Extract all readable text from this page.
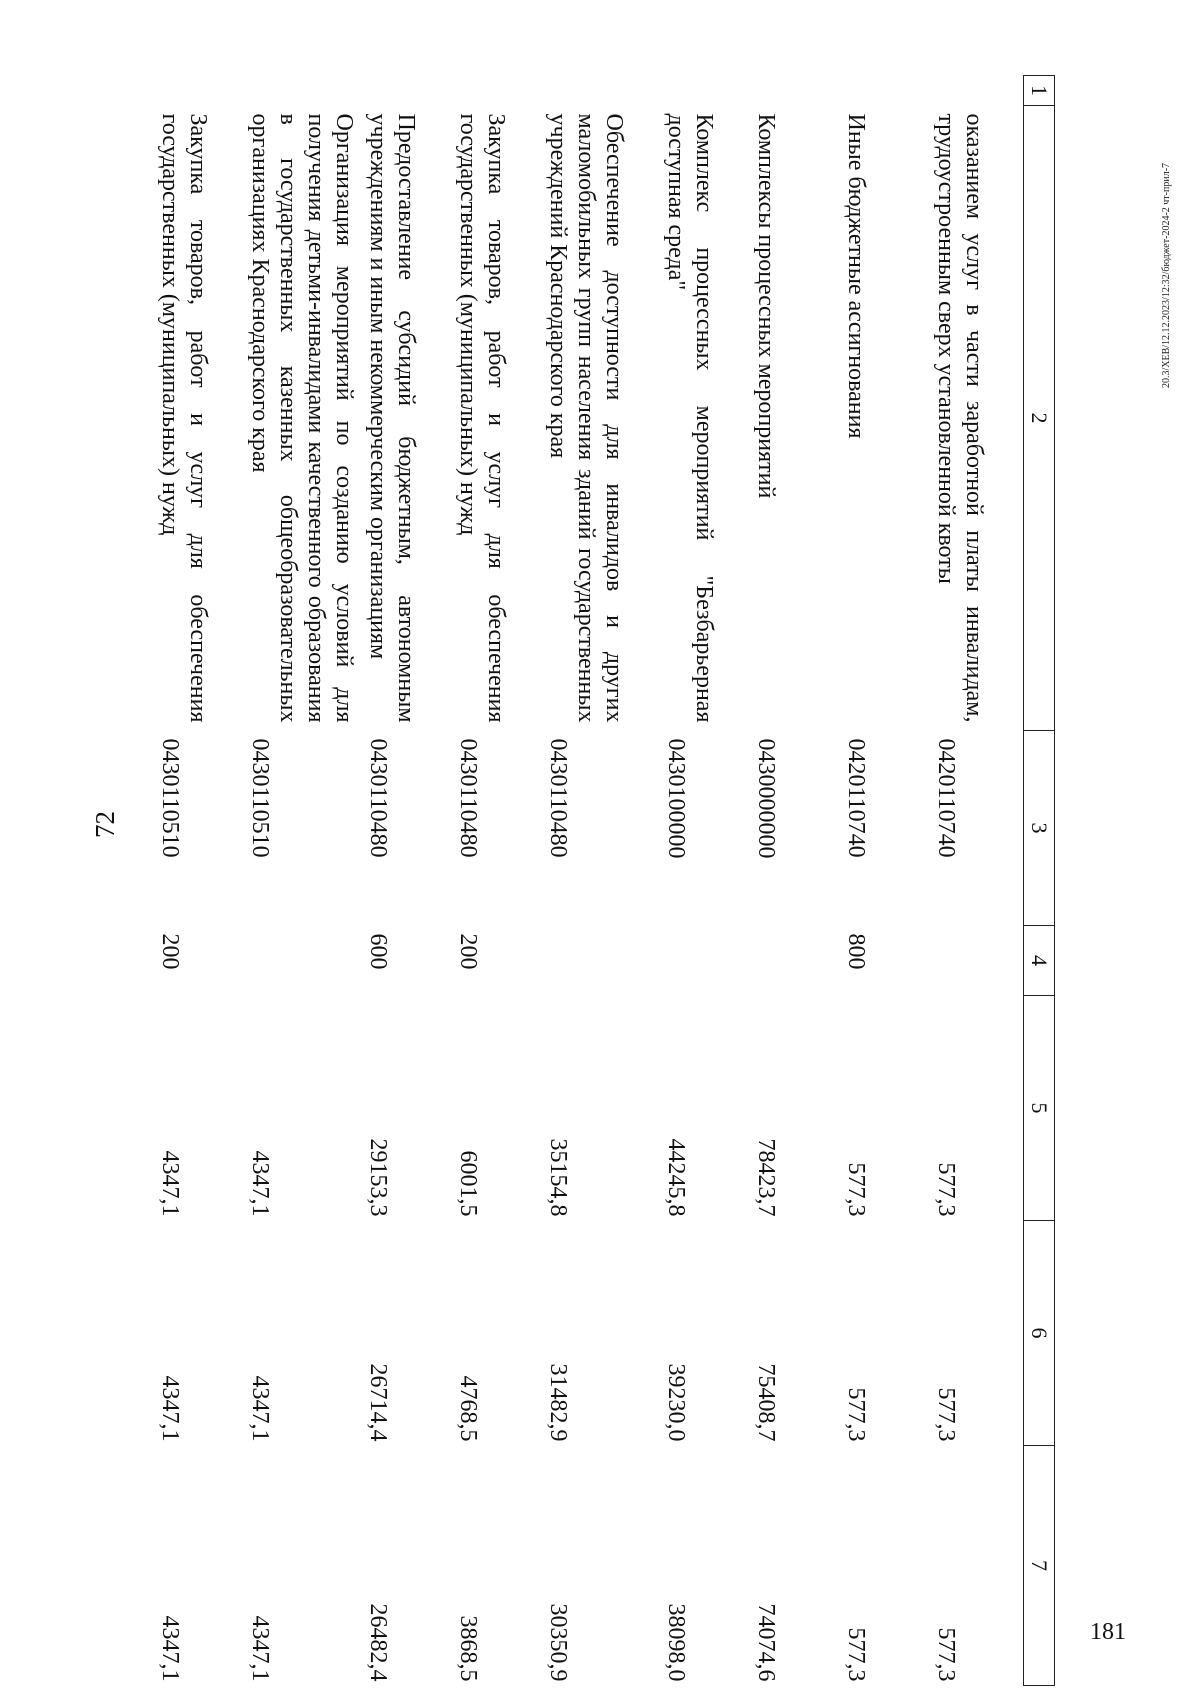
72
181
20.3/XEB/12.12.2023/12:32/бюджет-2024-2 чт-прил-7
1	2	3	4	5	6	7
	оказанием услуг в части заработной платы инвалидам, трудоустроенным сверх установленной квоты	0420110740		577,3	577,3	577,3
	Иные бюджетные ассигнования	0420110740	800	577,3	577,3	577,3
	Комплексы процессных мероприятий	0430000000		78423,7	75408,7	74074,6
	Комплекс процессных мероприятий "Безбарьерная доступная среда"	0430100000		44245,8	39230,0	38098,0
	Обеспечение доступности для инвалидов и других маломобильных групп населения зданий государственных учреждений Краснодарского края	0430110480		35154,8	31482,9	30350,9
	Закупка товаров, работ и услуг для обеспечения государственных (муниципальных) нужд	0430110480	200	6001,5	4768,5	3868,5
	Предоставление субсидий бюджетным, автономным учреждениям и иным некоммерческим организациям	0430110480	600	29153,3	26714,4	26482,4
	Организация мероприятий по созданию условий для получения детьми-инвалидами качественного образования в государственных казенных общеобразовательных организациях Краснодарского края	0430110510		4347,1	4347,1	4347,1
	Закупка товаров, работ и услуг для обеспечения государственных (муниципальных) нужд	0430110510	200	4347,1	4347,1	4347,1
